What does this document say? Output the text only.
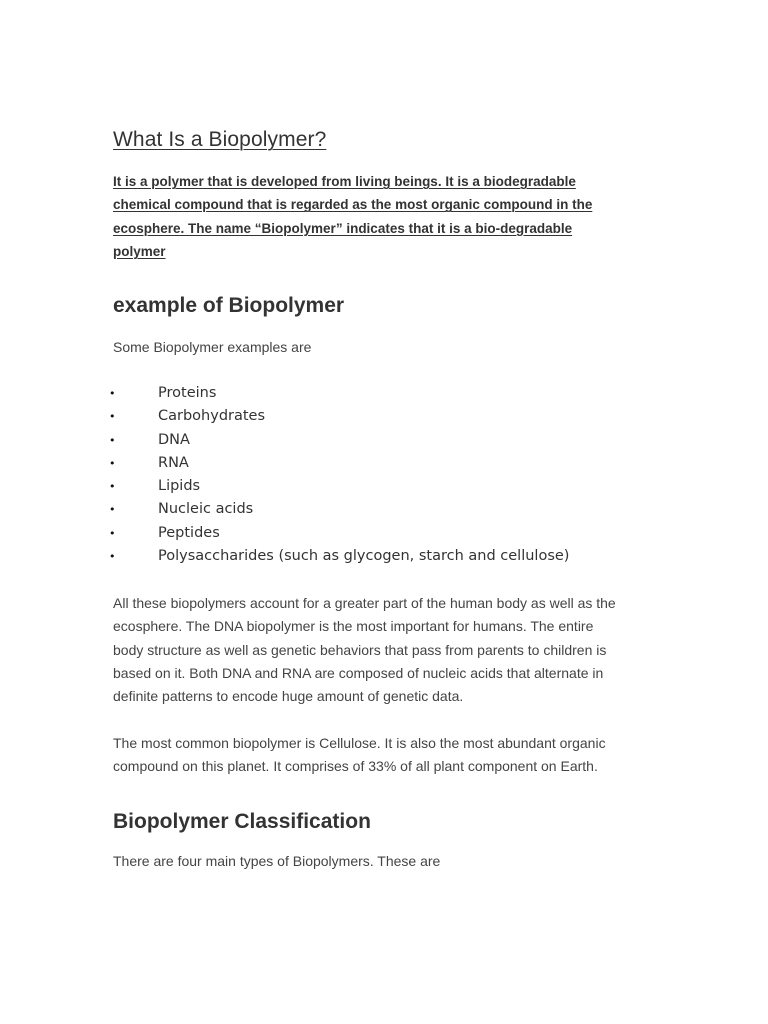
What Is a Biopolymer?

It is a polymer that is developed from living beings. It is a biodegradable
chemical compound that is regarded as the most organic compound in the
ecosphere. The name “Biopolymer” indicates that it is a bio-degradable
polymer

example of Biopolymer

Some Biopolymer examples are

•	Proteins
•	Carbohydrates
•	DNA
•	RNA
•	Lipids
•	Nucleic acids
•	Peptides
•	Polysaccharides (such as glycogen, starch and cellulose)

All these biopolymers account for a greater part of the human body as well as the
ecosphere. The DNA biopolymer is the most important for humans. The entire
body structure as well as genetic behaviors that pass from parents to children is
based on it. Both DNA and RNA are composed of nucleic acids that alternate in
definite patterns to encode huge amount of genetic data.

The most common biopolymer is Cellulose. It is also the most abundant organic
compound on this planet. It comprises of 33% of all plant component on Earth.

Biopolymer Classification

There are four main types of Biopolymers. These are
